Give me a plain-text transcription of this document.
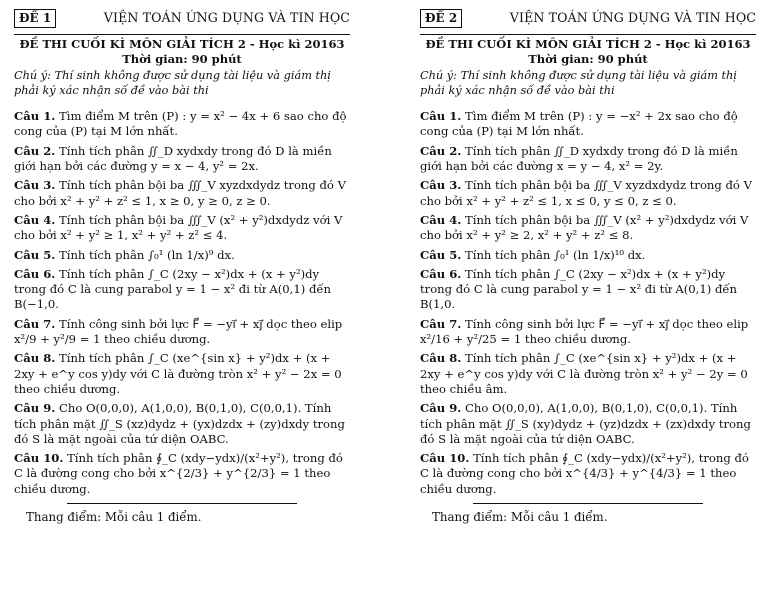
ĐỀ 1	VIỆN TOÁN ỨNG DỤNG VÀ TIN HỌC
ĐỀ THI CUỐI KÌ MÔN GIẢI TÍCH 2 - Học kì 20163
Thời gian: 90 phút
Chú ý: Thí sinh không được sử dụng tài liệu và giám thị phải ký xác nhận số đề vào bài thi
Câu 1. Tìm điểm M trên (P) : y = x² − 4x + 6 sao cho độ cong của (P) tại M lớn nhất.
Câu 2. Tính tích phân ∬_D xydxdy trong đó D là miền giới hạn bởi các đường y = x − 4, y² = 2x.
Câu 3. Tính tích phân bội ba ∭_V xyzdxdydz trong đó V cho bởi x² + y² + z² ≤ 1, x ≥ 0, y ≥ 0, z ≥ 0.
Câu 4. Tính tích phân bội ba ∭_V (x² + y²)dxdydz với V cho bởi x² + y² ≥ 1, x² + y² + z² ≤ 4.
Câu 5. Tính tích phân ∫₀¹ (ln 1/x)⁹ dx.
Câu 6. Tính tích phân ∫_C (2xy − x²)dx + (x + y²)dy trong đó C là cung parabol y = 1 − x² đi từ A(0,1) đến B(−1,0.
Câu 7. Tính công sinh bởi lực F⃗ = −yi⃗ + xj⃗ dọc theo elip x²/9 + y²/9 = 1 theo chiều dương.
Câu 8. Tính tích phân ∫_C (xe^{sin x} + y²)dx + (x + 2xy + e^y cos y)dy với C là đường tròn x² + y² − 2x = 0 theo chiều dương.
Câu 9. Cho O(0,0,0), A(1,0,0), B(0,1,0), C(0,0,1). Tính tích phân mặt ∬_S (xz)dydz + (yx)dzdx + (zy)dxdy trong đó S là mặt ngoài của tứ diện OABC.
Câu 10. Tính tích phân ∮_C (xdy−ydx)/(x²+y²), trong đó C là đường cong cho bởi x^{2/3} + y^{2/3} = 1 theo chiều dương.
Thang điểm: Mỗi câu 1 điểm.
ĐỀ 2	VIỆN TOÁN ỨNG DỤNG VÀ TIN HỌC
ĐỀ THI CUỐI KÌ MÔN GIẢI TÍCH 2 - Học kì 20163
Thời gian: 90 phút
Chú ý: Thí sinh không được sử dụng tài liệu và giám thị phải ký xác nhận số đề vào bài thi
Câu 1. Tìm điểm M trên (P) : y = −x² + 2x sao cho độ cong của (P) tại M lớn nhất.
Câu 2. Tính tích phân ∬_D xydxdy trong đó D là miền giới hạn bởi các đường x = y − 4, x² = 2y.
Câu 3. Tính tích phân bội ba ∭_V xyzdxdydz trong đó V cho bởi x² + y² + z² ≤ 1, x ≤ 0, y ≤ 0, z ≤ 0.
Câu 4. Tính tích phân bội ba ∭_V (x² + y²)dxdydz với V cho bởi x² + y² ≥ 2, x² + y² + z² ≤ 8.
Câu 5. Tính tích phân ∫₀¹ (ln 1/x)¹⁰ dx.
Câu 6. Tính tích phân ∫_C (2xy − x²)dx + (x + y²)dy trong đó C là cung parabol y = 1 − x² đi từ A(0,1) đến B(1,0.
Câu 7. Tính công sinh bởi lực F⃗ = −yi⃗ + xj⃗ dọc theo elip x²/16 + y²/25 = 1 theo chiều dương.
Câu 8. Tính tích phân ∫_C (xe^{sin x} + y²)dx + (x + 2xy + e^y cos y)dy với C là đường tròn x² + y² − 2y = 0 theo chiều âm.
Câu 9. Cho O(0,0,0), A(1,0,0), B(0,1,0), C(0,0,1). Tính tích phân mặt ∬_S (xy)dydz + (yz)dzdx + (zx)dxdy trong đó S là mặt ngoài của tứ diện OABC.
Câu 10. Tính tích phân ∮_C (xdy−ydx)/(x²+y²), trong đó C là đường cong cho bởi x^{4/3} + y^{4/3} = 1 theo chiều dương.
Thang điểm: Mỗi câu 1 điểm.
